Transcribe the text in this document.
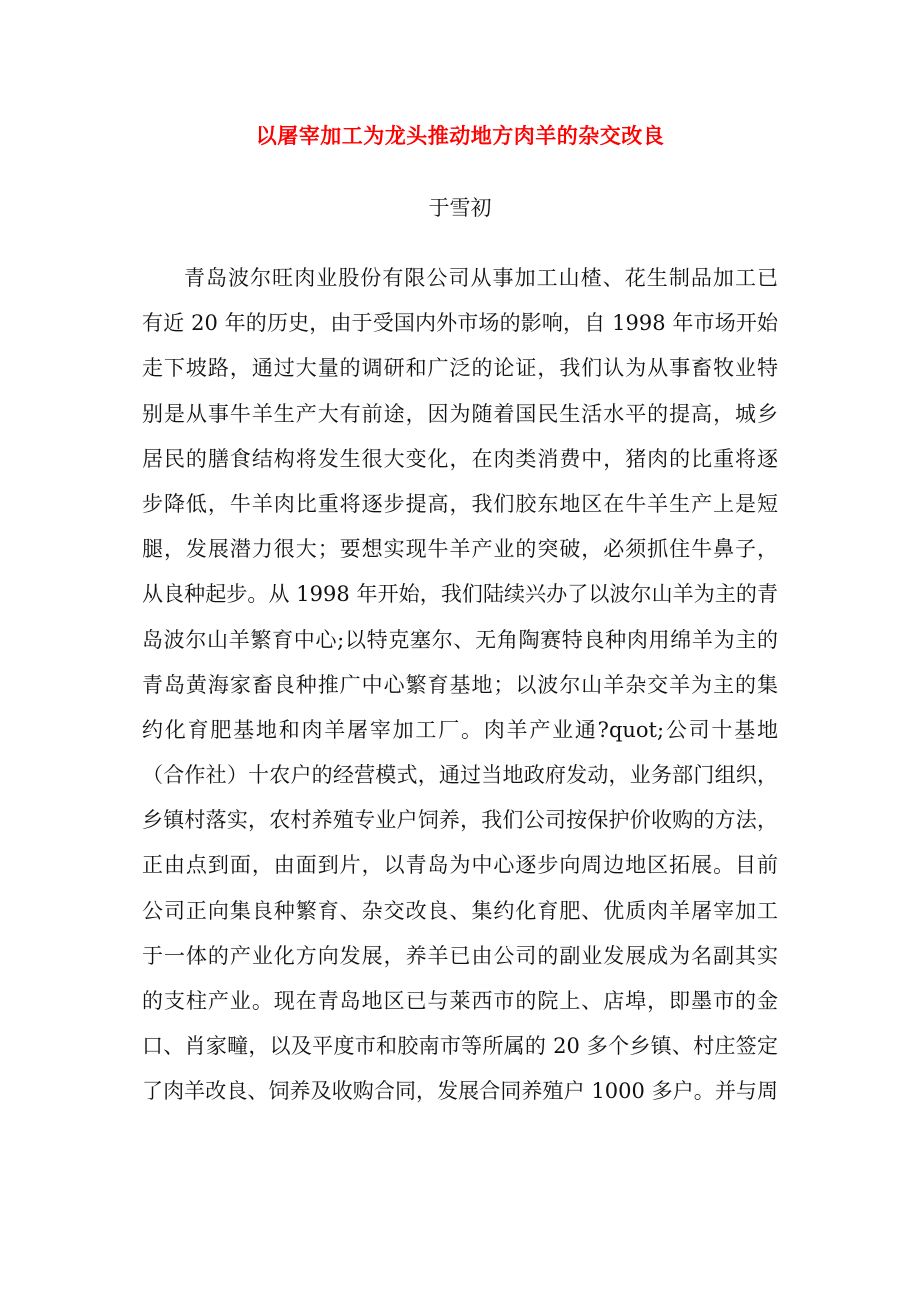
以屠宰加工为龙头推动地方肉羊的杂交改良
于雪初
青岛波尔旺肉业股份有限公司从事加工山楂、花生制品加工已
有近 20 年的历史，由于受国内外市场的影响，自 1998 年市场开始
走下坡路，通过大量的调研和广泛的论证，我们认为从事畜牧业特
别是从事牛羊生产大有前途，因为随着国民生活水平的提高，城乡
居民的膳食结构将发生很大变化，在肉类消费中，猪肉的比重将逐
步降低，牛羊肉比重将逐步提高，我们胶东地区在牛羊生产上是短
腿，发展潜力很大；要想实现牛羊产业的突破，必须抓住牛鼻子，
从良种起步。从 1998 年开始，我们陆续兴办了以波尔山羊为主的青
岛波尔山羊繁育中心;以特克塞尔、无角陶赛特良种肉用绵羊为主的
青岛黄海家畜良种推广中心繁育基地；以波尔山羊杂交羊为主的集
约化育肥基地和肉羊屠宰加工厂。肉羊产业通?quot;公司十基地
（合作社）十农户的经营模式，通过当地政府发动，业务部门组织，
乡镇村落实，农村养殖专业户饲养，我们公司按保护价收购的方法，
正由点到面，由面到片，以青岛为中心逐步向周边地区拓展。目前
公司正向集良种繁育、杂交改良、集约化育肥、优质肉羊屠宰加工
于一体的产业化方向发展，养羊已由公司的副业发展成为名副其实
的支柱产业。现在青岛地区已与莱西市的院上、店埠，即墨市的金
口、肖家疃，以及平度市和胶南市等所属的 20 多个乡镇、村庄签定
了肉羊改良、饲养及收购合同，发展合同养殖户 1000 多户。并与周
